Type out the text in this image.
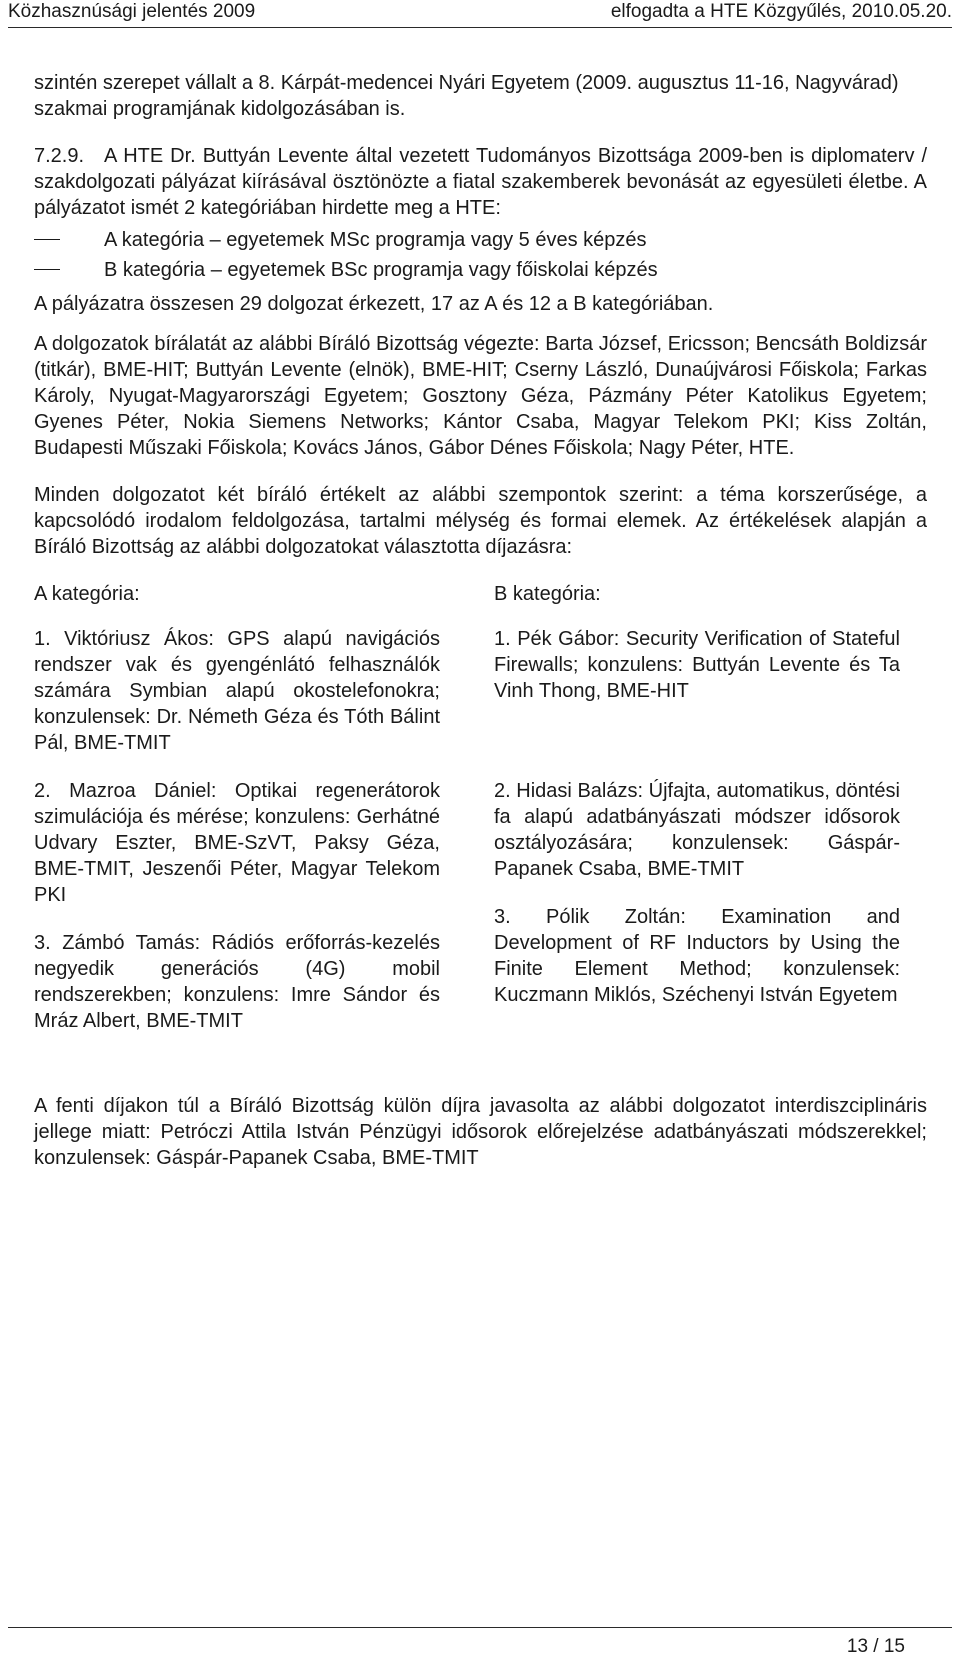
Közhasznúsági jelentés 2009	elfogadta a HTE Közgyűlés, 2010.05.20.

szintén szerepet vállalt a 8. Kárpát-medencei Nyári Egyetem (2009. augusztus 11-16, Nagyvárad) szakmai programjának kidolgozásában is.

7.2.9. A HTE Dr. Buttyán Levente által vezetett Tudományos Bizottsága 2009-ben is diplomaterv / szakdolgozati pályázat kiírásával ösztönözte a fiatal szakemberek bevonását az egyesületi életbe. A pályázatot ismét 2 kategóriában hirdette meg a HTE:

A kategória – egyetemek MSc programja vagy 5 éves képzés
B kategória – egyetemek BSc programja vagy főiskolai képzés

A pályázatra összesen 29 dolgozat érkezett, 17 az A és 12 a B kategóriában.

A dolgozatok bírálatát az alábbi Bíráló Bizottság végezte: Barta József, Ericsson; Bencsáth Boldizsár (titkár), BME-HIT; Buttyán Levente (elnök), BME-HIT; Cserny László, Dunaújvárosi Főiskola; Farkas Károly, Nyugat-Magyarországi Egyetem; Gosztony Géza, Pázmány Péter Katolikus Egyetem; Gyenes Péter, Nokia Siemens Networks; Kántor Csaba, Magyar Telekom PKI; Kiss Zoltán, Budapesti Műszaki Főiskola; Kovács János, Gábor Dénes Főiskola; Nagy Péter, HTE.

Minden dolgozatot két bíráló értékelt az alábbi szempontok szerint: a téma korszerűsége, a kapcsolódó irodalom feldolgozása, tartalmi mélység és formai elemek. Az értékelések alapján a Bíráló Bizottság az alábbi dolgozatokat választotta díjazásra:

A kategória:

1. Viktóriusz Ákos: GPS alapú navigációs rendszer vak és gyengénlátó felhasználók számára Symbian alapú okostelefonokra; konzulensek: Dr. Németh Géza és Tóth Bálint Pál, BME-TMIT

2. Mazroa Dániel: Optikai regenerátorok szimulációja és mérése; konzulens: Gerhátné Udvary Eszter, BME-SzVT, Paksy Géza, BME-TMIT, Jeszenői Péter, Magyar Telekom PKI

3. Zámbó Tamás: Rádiós erőforrás-kezelés negyedik generációs (4G) mobil rendszerekben; konzulens: Imre Sándor és Mráz Albert, BME-TMIT

B kategória:

1. Pék Gábor: Security Verification of Stateful Firewalls; konzulens: Buttyán Levente és Ta Vinh Thong, BME-HIT

2. Hidasi Balázs: Újfajta, automatikus, döntési fa alapú adatbányászati módszer idősorok osztályozására; konzulensek: Gáspár-Papanek Csaba, BME-TMIT

3. Pólik Zoltán: Examination and Development of RF Inductors by Using the Finite Element Method; konzulensek: Kuczmann Miklós, Széchenyi István Egyetem

A fenti díjakon túl a Bíráló Bizottság külön díjra javasolta az alábbi dolgozatot interdiszciplináris jellege miatt: Petróczi Attila István Pénzügyi idősorok előrejelzése adatbányászati módszerekkel; konzulensek: Gáspár-Papanek Csaba, BME-TMIT

13 / 15
